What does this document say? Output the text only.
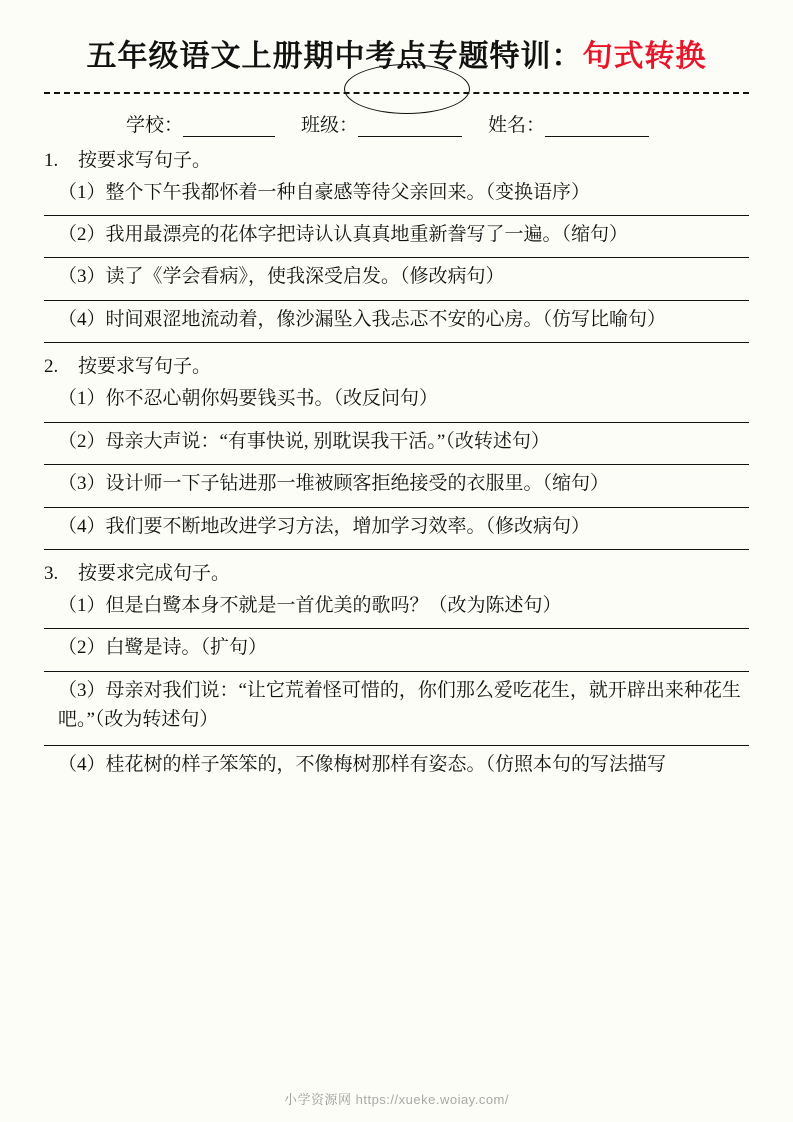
五年级语文上册期中考点专题特训：句式转换
学校：	班级：	姓名：
1.	按要求写句子。
（1）整个下午我都怀着一种自豪感等待父亲回来。（变换语序）
（2）我用最漂亮的花体字把诗认认真真地重新誊写了一遍。（缩句）
（3）读了《学会看病》，使我深受启发。（修改病句）
（4）时间艰涩地流动着，像沙漏坠入我忐忑不安的心房。（仿写比喻句）
2.	按要求写句子。
（1）你不忍心朝你妈要钱买书。（改反问句）
（2）母亲大声说：“有事快说, 别耽误我干活。”（改转述句）
（3）设计师一下子钻进那一堆被顾客拒绝接受的衣服里。（缩句）
（4）我们要不断地改进学习方法，增加学习效率。（修改病句）
3.	按要求完成句子。
（1）但是白鹭本身不就是一首优美的歌吗？（改为陈述句）
（2）白鹭是诗。（扩句）
（3）母亲对我们说：“让它荒着怪可惜的，你们那么爱吃花生，就开辟出来种花生吧。”（改为转述句）
（4）桂花树的样子笨笨的，不像梅树那样有姿态。（仿照本句的写法描写
小学资源网 https://xueke.woiay.com/
